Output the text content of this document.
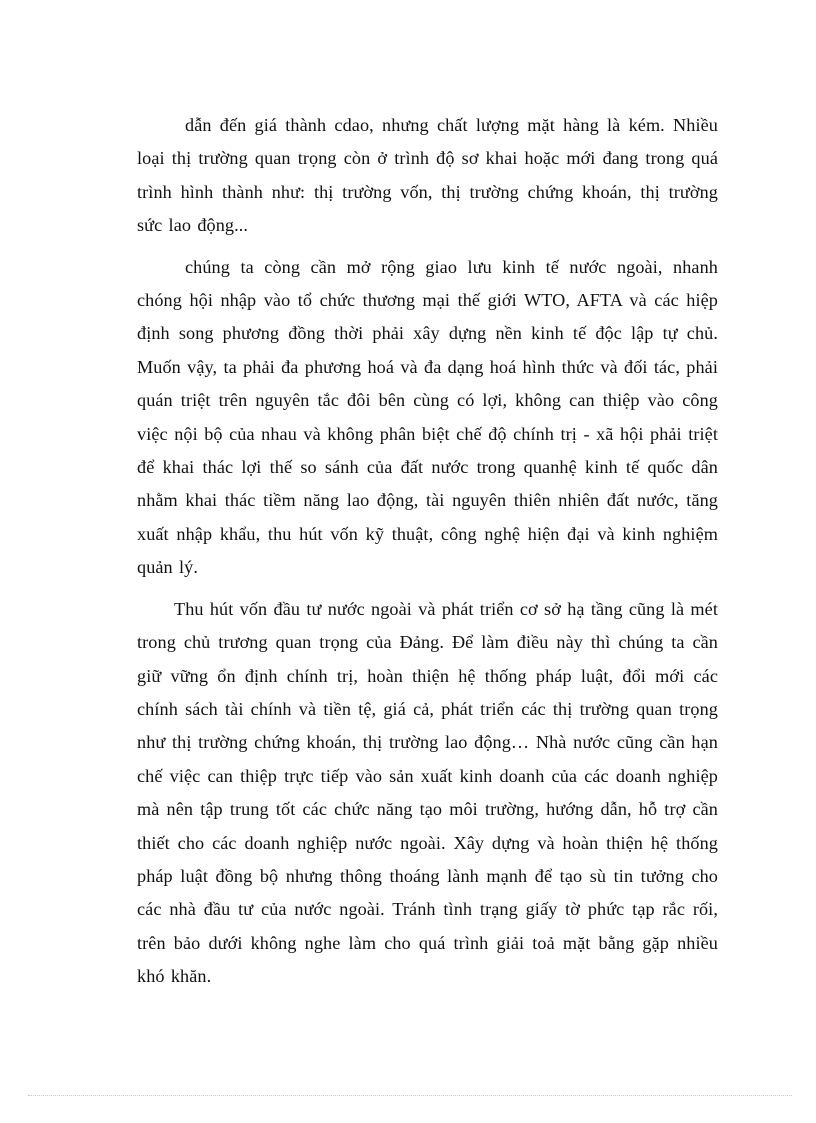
dẫn đến giá thành cdao, nhưng chất lượng mặt hàng là kém. Nhiều loại thị trường quan trọng còn ở trình độ sơ khai hoặc mới đang trong quá trình hình thành như: thị trường vốn, thị trường chứng khoán, thị trường sức lao động...

chúng ta còng cần mở rộng giao lưu kinh tế nước ngoài, nhanh chóng hội nhập vào tổ chức thương mại thế giới WTO, AFTA và các hiệp định song phương đồng thời phải xây dựng nền kinh tế độc lập tự chủ. Muốn vậy, ta phải đa phương hoá và đa dạng hoá hình thức và đối tác, phải quán triệt trên nguyên tắc đôi bên cùng có lợi, không can thiệp vào công việc nội bộ của nhau và không phân biệt chế độ chính trị - xã hội phải triệt để khai thác lợi thế so sánh của đất nước trong quanhệ kinh tế quốc dân nhằm khai thác tiềm năng lao động, tài nguyên thiên nhiên đất nước, tăng xuất nhập khẩu, thu hút vốn kỹ thuật, công nghệ hiện đại và kinh nghiệm quản lý.

Thu hút vốn đầu tư nước ngoài và phát triển cơ sở hạ tầng cũng là mét trong chủ trương quan trọng của Đảng. Để làm điều này thì chúng ta cần giữ vững ổn định chính trị, hoàn thiện hệ thống pháp luật, đổi mới các chính sách tài chính và tiền tệ, giá cả, phát triển các thị trường quan trọng như thị trường chứng khoán, thị trường lao động… Nhà nước cũng cần hạn chế việc can thiệp trực tiếp vào sản xuất kinh doanh của các doanh nghiệp mà nên tập trung tốt các chức năng tạo môi trường, hướng dẫn, hỗ trợ cần thiết cho các doanh nghiệp nước ngoài. Xây dựng và hoàn thiện hệ thống pháp luật đồng bộ nhưng thông thoáng lành mạnh để tạo sù tin tưởng cho các nhà đầu tư của nước ngoài. Tránh tình trạng giấy tờ phức tạp rắc rối, trên bảo dưới không nghe làm cho quá trình giải toả mặt bằng gặp nhiều khó khăn.
